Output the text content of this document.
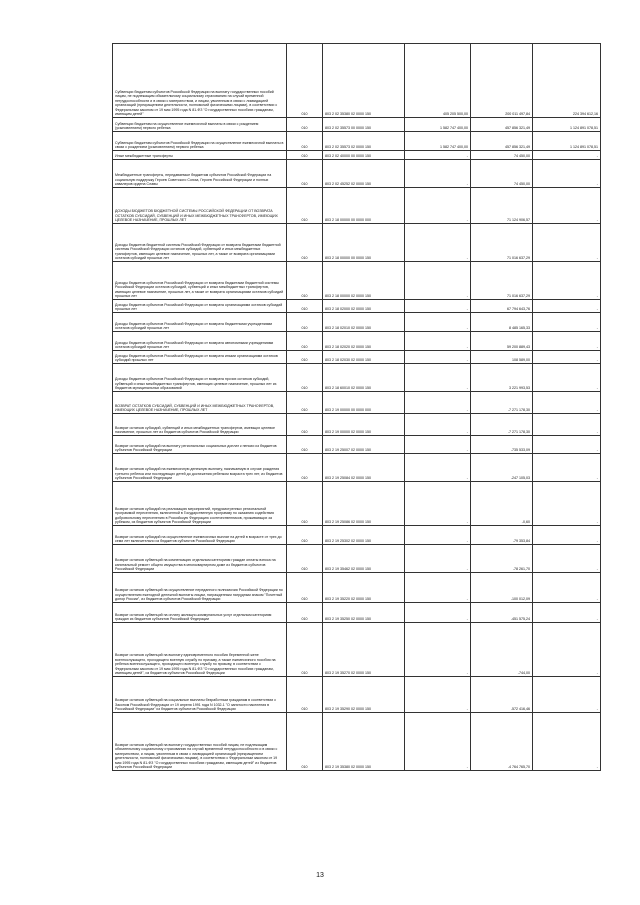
Субвенции бюджетам субъектов Российской Федерации на выплату государственных пособий лицам, не подлежащим обязательному социальному страхованию на случай временной нетрудоспособности и в связи с материнством, и лицам, уволенным в связи с ликвидацией организаций (прекращением деятельности, полномочий физическими лицами), в соответствии с Федеральным законом от 19 мая 1995 года N 81-ФЗ "О государственных пособиях гражданам, имеющим детей"	010	803 2 02 35380 02 0000 150	405 205 500,00	200 011 497,84	224 394 612,16
Субвенции бюджетам на осуществление ежемесячной выплаты в связи с рождением (усыновлением) первого ребенка	010	803 2 02 35573 00 0000 150	1 582 747 400,00	457 856 321,49	1 124 891 078,51
Субвенции бюджетам субъектов Российской Федерации на осуществление ежемесячной выплаты в связи с рождением (усыновлением) первого ребенка	010	803 2 02 35573 02 0000 150	1 582 747 400,00	457 856 321,49	1 124 891 078,51
Иные межбюджетные трансферты	010	803 2 02 40000 00 0000 150	-	74 450,00	-
Межбюджетные трансферты, передаваемые бюджетам субъектов Российской Федерации на социальную поддержку Героев Советского Союза, Героев Российской Федерации и полных кавалеров ордена Славы	010	803 2 02 45252 02 0000 150	-	74 450,00	-
ДОХОДЫ БЮДЖЕТОВ БЮДЖЕТНОЙ СИСТЕМЫ РОССИЙСКОЙ ФЕДЕРАЦИИ ОТ ВОЗВРАТА ОСТАТКОВ СУБСИДИЙ, СУБВЕНЦИЙ И ИНЫХ МЕЖБЮДЖЕТНЫХ ТРАНСФЕРТОВ, ИМЕЮЩИХ ЦЕЛЕВОЕ НАЗНАЧЕНИЕ, ПРОШЛЫХ ЛЕТ	010	803 2 18 00000 00 0000 000	-	71 124 906,57	-
Доходы бюджетов бюджетной системы Российской Федерации от возврата бюджетами бюджетной системы Российской Федерации остатков субсидий, субвенций и иных межбюджетных трансфертов, имеющих целевое назначение, прошлых лет, а также от возврата организациями остатков субсидий прошлых лет	010	803 2 18 00000 00 0000 150	-	71 016 637,29	-
Доходы бюджетов субъектов Российской Федерации от возврата бюджетами бюджетной системы Российской Федерации остатков субсидий, субвенций и иных межбюджетных трансфертов, имеющих целевое назначение, прошлых лет, а также от возврата организациями остатков субсидий прошлых лет	010	803 2 18 00000 02 0000 150	-	71 016 637,29	-
Доходы бюджетов субъектов Российской Федерации от возврата организациями остатков субсидий прошлых лет	010	803 2 18 02000 02 0000 150	-	67 794 643,76	-
Доходы бюджетов субъектов Российской Федерации от возврата бюджетными учреждениями остатков субсидий прошлых лет	010	803 2 18 02010 02 0000 150	-	8 485 165,33	-
Доходы бюджетов субъектов Российской Федерации от возврата автономными учреждениями остатков субсидий прошлых лет	010	803 2 18 02020 02 0000 150	-	59 200 889,43	-
Доходы бюджетов субъектов Российской Федерации от возврата иными организациями остатков субсидий прошлых лет	010	803 2 18 02030 02 0000 150	-	108 589,00	-
Доходы бюджетов субъектов Российской Федерации от возврата прочих остатков субсидий, субвенций и иных межбюджетных трансфертов, имеющих целевое назначение, прошлых лет из бюджетов муниципальных образований	010	803 2 18 60010 02 0000 150	-	3 221 993,53	-
ВОЗВРАТ ОСТАТКОВ СУБСИДИЙ, СУБВЕНЦИЙ И ИНЫХ МЕЖБЮДЖЕТНЫХ ТРАНСФЕРТОВ, ИМЕЮЩИХ ЦЕЛЕВОЕ НАЗНАЧЕНИЕ, ПРОШЛЫХ ЛЕТ	010	803 2 19 00000 00 0000 000	-	-7 271 178,30	-
Возврат остатков субсидий, субвенций и иных межбюджетных трансфертов, имеющих целевое назначение, прошлых лет из бюджетов субъектов Российской Федерации	010	803 2 19 00000 02 0000 150	-	-7 271 178,30	-
Возврат остатков субсидий на выплату региональных социальных доплат к пенсии из бюджетов субъектов Российской Федерации	010	803 2 19 25007 02 0000 150	-	-735 533,09	-
Возврат остатков субсидий на ежемесячную денежную выплату, назначаемую в случае рождения третьего ребенка или последующих детей до достижения ребенком возраста трех лет, из бюджетов субъектов Российской Федерации	010	803 2 19 25084 02 0000 150	-	-247 105,03	-
Возврат остатков субсидий на реализацию мероприятий, предусмотренных региональной программой переселения, включенной в Государственную программу по оказанию содействия добровольному переселению в Российскую Федерацию соотечественников, проживающих за рубежом, из бюджетов субъектов Российской Федерации	010	803 2 19 25086 02 0000 150	-	-0,60	-
Возврат остатков субсидий на осуществление ежемесячных выплат на детей в возрасте от трех до семи лет включительно из бюджетов субъектов Российской Федерации	010	803 2 19 25302 02 0000 150	-	-79 353,84	-
Возврат остатков субвенций на компенсацию отдельным категориям граждан оплаты взноса на капитальный ремонт общего имущества в многоквартирном доме из бюджетов субъектов Российской Федерации	010	803 2 19 35462 02 0000 150	-	-78 261,70	-
Возврат остатков субвенций на осуществление переданного полномочия Российской Федерации по осуществлению ежегодной денежной выплаты лицам, награжденным нагрудным знаком "Почетный донор России", из бюджетов субъектов Российской Федерации	010	803 2 19 35220 02 0000 150	-	-100 012,09	-
Возврат остатков субвенций на оплату жилищно-коммунальных услуг отдельным категориям граждан из бюджетов субъектов Российской Федерации	010	803 2 19 35250 02 0000 150	-	-451 575,24	-
Возврат остатков субвенций на выплату единовременного пособия беременной жене военнослужащего, проходящего военную службу по призыву, а также ежемесячного пособия на ребенка военнослужащего, проходящего военную службу по призыву, в соответствии с Федеральным законом от 19 мая 1995 года N 81-ФЗ "О государственных пособиях гражданам, имеющим детей", из бюджетов субъектов Российской Федерации	010	803 2 19 35270 02 0000 150	-	-744,00	-
Возврат остатков субвенций на социальные выплаты безработным гражданам в соответствии с Законом Российской Федерации от 19 апреля 1991 года N 1032-1 "О занятости населения в Российской Федерации" из бюджетов субъектов Российской Федерации	010	803 2 19 35290 02 0000 150	-	-572 416,46	-
Возврат остатков субвенций на выплату государственных пособий лицам, не подлежащим обязательному социальному страхованию на случай временной нетрудоспособности и в связи с материнством, и лицам, уволенным в связи с ликвидацией организаций (прекращением деятельности, полномочий физическими лицами), в соответствии с Федеральным законом от 19 мая 1995 года N 81-ФЗ "О государственных пособиях гражданам, имеющим детей" из бюджетов субъектов Российской Федерации	010	803 2 19 35380 02 0000 150	-	-4 764 765,70	-
13
